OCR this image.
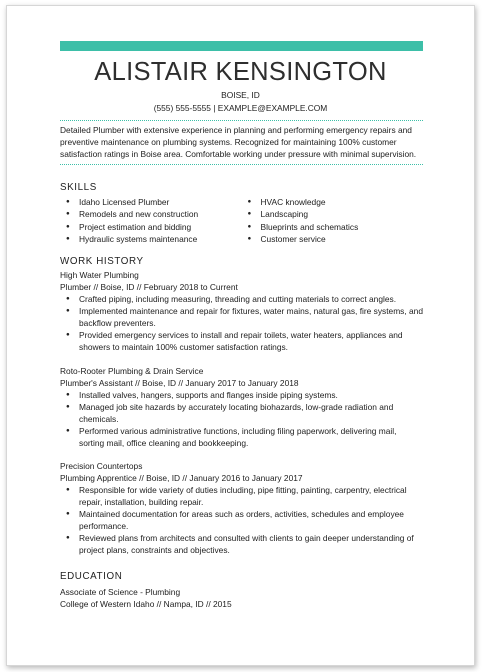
ALISTAIR KENSINGTON
BOISE, ID
(555) 555-5555 | EXAMPLE@EXAMPLE.COM
Detailed Plumber with extensive experience in planning and performing emergency repairs and preventive maintenance on plumbing systems. Recognized for maintaining 100% customer satisfaction ratings in Boise area. Comfortable working under pressure with minimal supervision.
SKILLS
● Idaho Licensed Plumber
● Remodels and new construction
● Project estimation and bidding
● Hydraulic systems maintenance
● HVAC knowledge
● Landscaping
● Blueprints and schematics
● Customer service
WORK HISTORY
High Water Plumbing
Plumber // Boise, ID // February 2018 to Current
● Crafted piping, including measuring, threading and cutting materials to correct angles.
● Implemented maintenance and repair for fixtures, water mains, natural gas, fire systems, and backflow preventers.
● Provided emergency services to install and repair toilets, water heaters, appliances and showers to maintain 100% customer satisfaction ratings.
Roto-Rooter Plumbing & Drain Service
Plumber's Assistant // Boise, ID // January 2017 to January 2018
● Installed valves, hangers, supports and flanges inside piping systems.
● Managed job site hazards by accurately locating biohazards, low-grade radiation and chemicals.
● Performed various administrative functions, including filing paperwork, delivering mail, sorting mail, office cleaning and bookkeeping.
Precision Countertops
Plumbing Apprentice // Boise, ID // January 2016 to January 2017
● Responsible for wide variety of duties including, pipe fitting, painting, carpentry, electrical repair, installation, building repair.
● Maintained documentation for areas such as orders, activities, schedules and employee performance.
● Reviewed plans from architects and consulted with clients to gain deeper understanding of project plans, constraints and objectives.
EDUCATION
Associate of Science - Plumbing
College of Western Idaho // Nampa, ID // 2015
